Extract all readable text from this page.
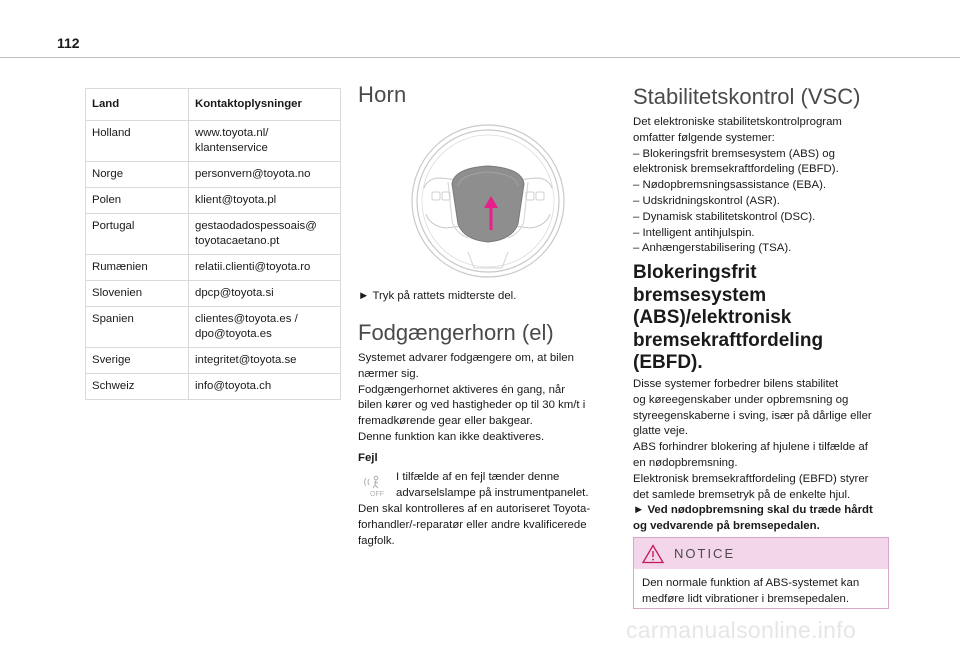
112
Land	Kontaktoplysninger
Holland	www.toyota.nl/
klantenservice
Norge	personvern@toyota.no
Polen	klient@toyota.pl
Portugal	gestaodadospessoais@
toyotacaetano.pt
Rumænien	relatii.clienti@toyota.ro
Slovenien	dpcp@toyota.si
Spanien	clientes@toyota.es /
dpo@toyota.es
Sverige	integritet@toyota.se
Schweiz	info@toyota.ch
Horn
► Tryk på rattets midterste del.
Fodgængerhorn (el)
Systemet advarer fodgængere om, at bilen
nærmer sig.
Fodgængerhornet aktiveres én gang, når
bilen kører og ved hastigheder op til 30 km/t i
fremadkørende gear eller bakgear.
Denne funktion kan ikke deaktiveres.
Fejl
OFF
I tilfælde af en fejl tænder denne
advarselslampe på instrumentpanelet.
Den skal kontrolleres af en autoriseret Toyota-
forhandler/-reparatør eller andre kvalificerede
fagfolk.
Stabilitetskontrol (VSC)
Det elektroniske stabilitetskontrolprogram
omfatter følgende systemer:
– Blokeringsfrit bremsesystem (ABS) og
elektronisk bremsekraftfordeling (EBFD).
– Nødopbremsningsassistance (EBA).
– Udskridningskontrol (ASR).
– Dynamisk stabilitetskontrol (DSC).
– Intelligent antihjulspin.
– Anhængerstabilisering (TSA).
Blokeringsfrit
bremsesystem
(ABS)/elektronisk
bremsekraftfordeling
(EBFD).
Disse systemer forbedrer bilens stabilitet
og køreegenskaber under opbremsning og
styreegenskaberne i sving, især på dårlige eller
glatte veje.
ABS forhindrer blokering af hjulene i tilfælde af
en nødopbremsning.
Elektronisk bremsekraftfordeling (EBFD) styrer
det samlede bremsetryk på de enkelte hjul.
► Ved nødopbremsning skal du træde hårdt
og vedvarende på bremsepedalen.
NOTICE
Den normale funktion af ABS-systemet kan
medføre lidt vibrationer i bremsepedalen.
carmanualsonline.info
